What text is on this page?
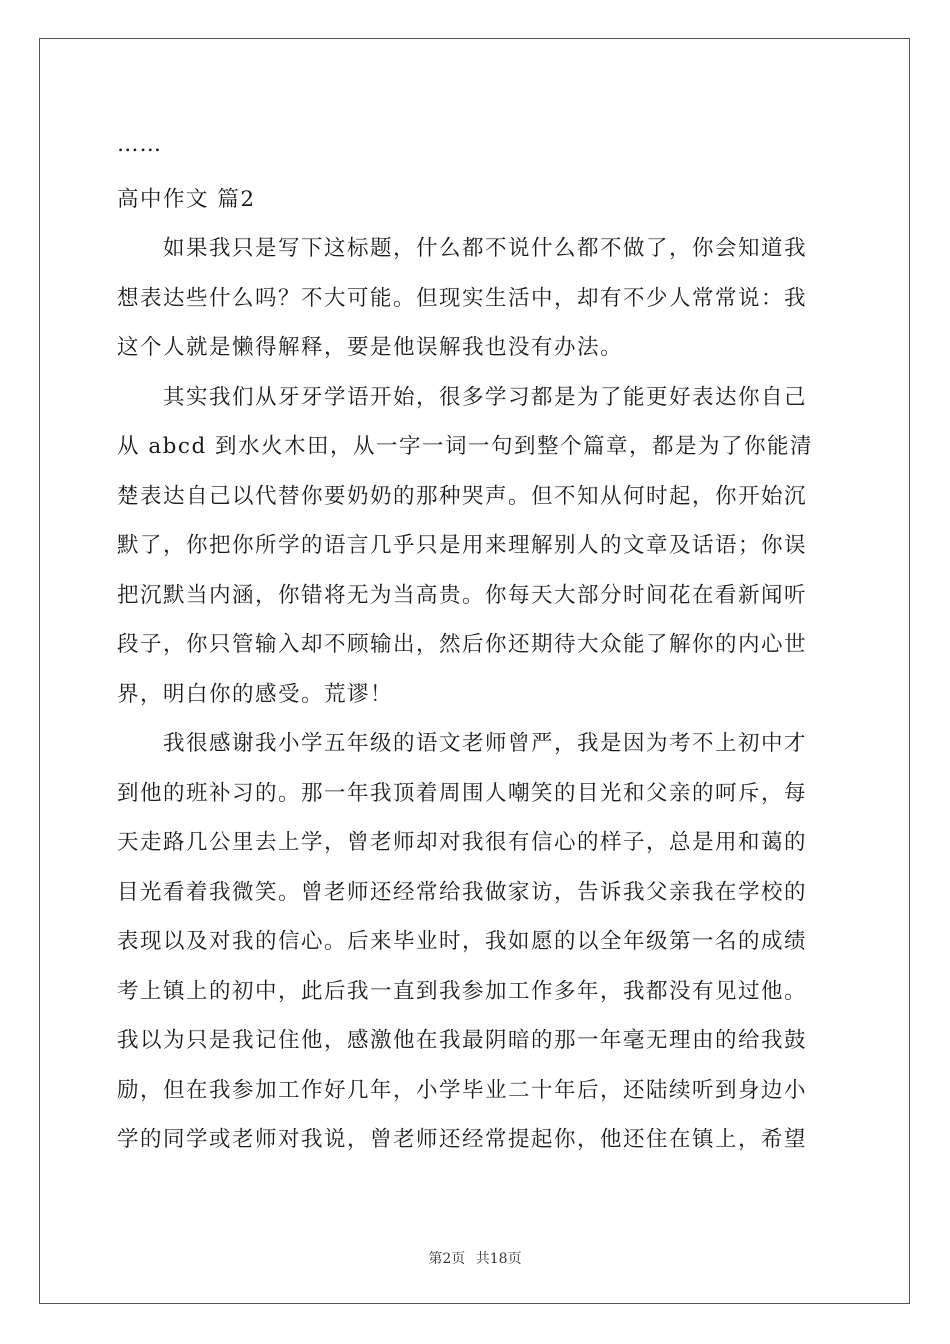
……
高中作文 篇2
如果我只是写下这标题，什么都不说什么都不做了，你会知道我
想表达些什么吗？不大可能。但现实生活中，却有不少人常常说：我
这个人就是懒得解释，要是他误解我也没有办法。
其实我们从牙牙学语开始，很多学习都是为了能更好表达你自己
从 abcd 到水火木田，从一字一词一句到整个篇章，都是为了你能清
楚表达自己以代替你要奶奶的那种哭声。但不知从何时起，你开始沉
默了，你把你所学的语言几乎只是用来理解别人的文章及话语；你误
把沉默当内涵，你错将无为当高贵。你每天大部分时间花在看新闻听
段子，你只管输入却不顾输出，然后你还期待大众能了解你的内心世
界，明白你的感受。荒谬！
我很感谢我小学五年级的语文老师曾严，我是因为考不上初中才
到他的班补习的。那一年我顶着周围人嘲笑的目光和父亲的呵斥，每
天走路几公里去上学，曾老师却对我很有信心的样子，总是用和蔼的
目光看着我微笑。曾老师还经常给我做家访，告诉我父亲我在学校的
表现以及对我的信心。后来毕业时，我如愿的以全年级第一名的成绩
考上镇上的初中，此后我一直到我参加工作多年，我都没有见过他。
我以为只是我记住他，感激他在我最阴暗的那一年毫无理由的给我鼓
励，但在我参加工作好几年，小学毕业二十年后，还陆续听到身边小
学的同学或老师对我说，曾老师还经常提起你，他还住在镇上，希望
第2页 共18页
